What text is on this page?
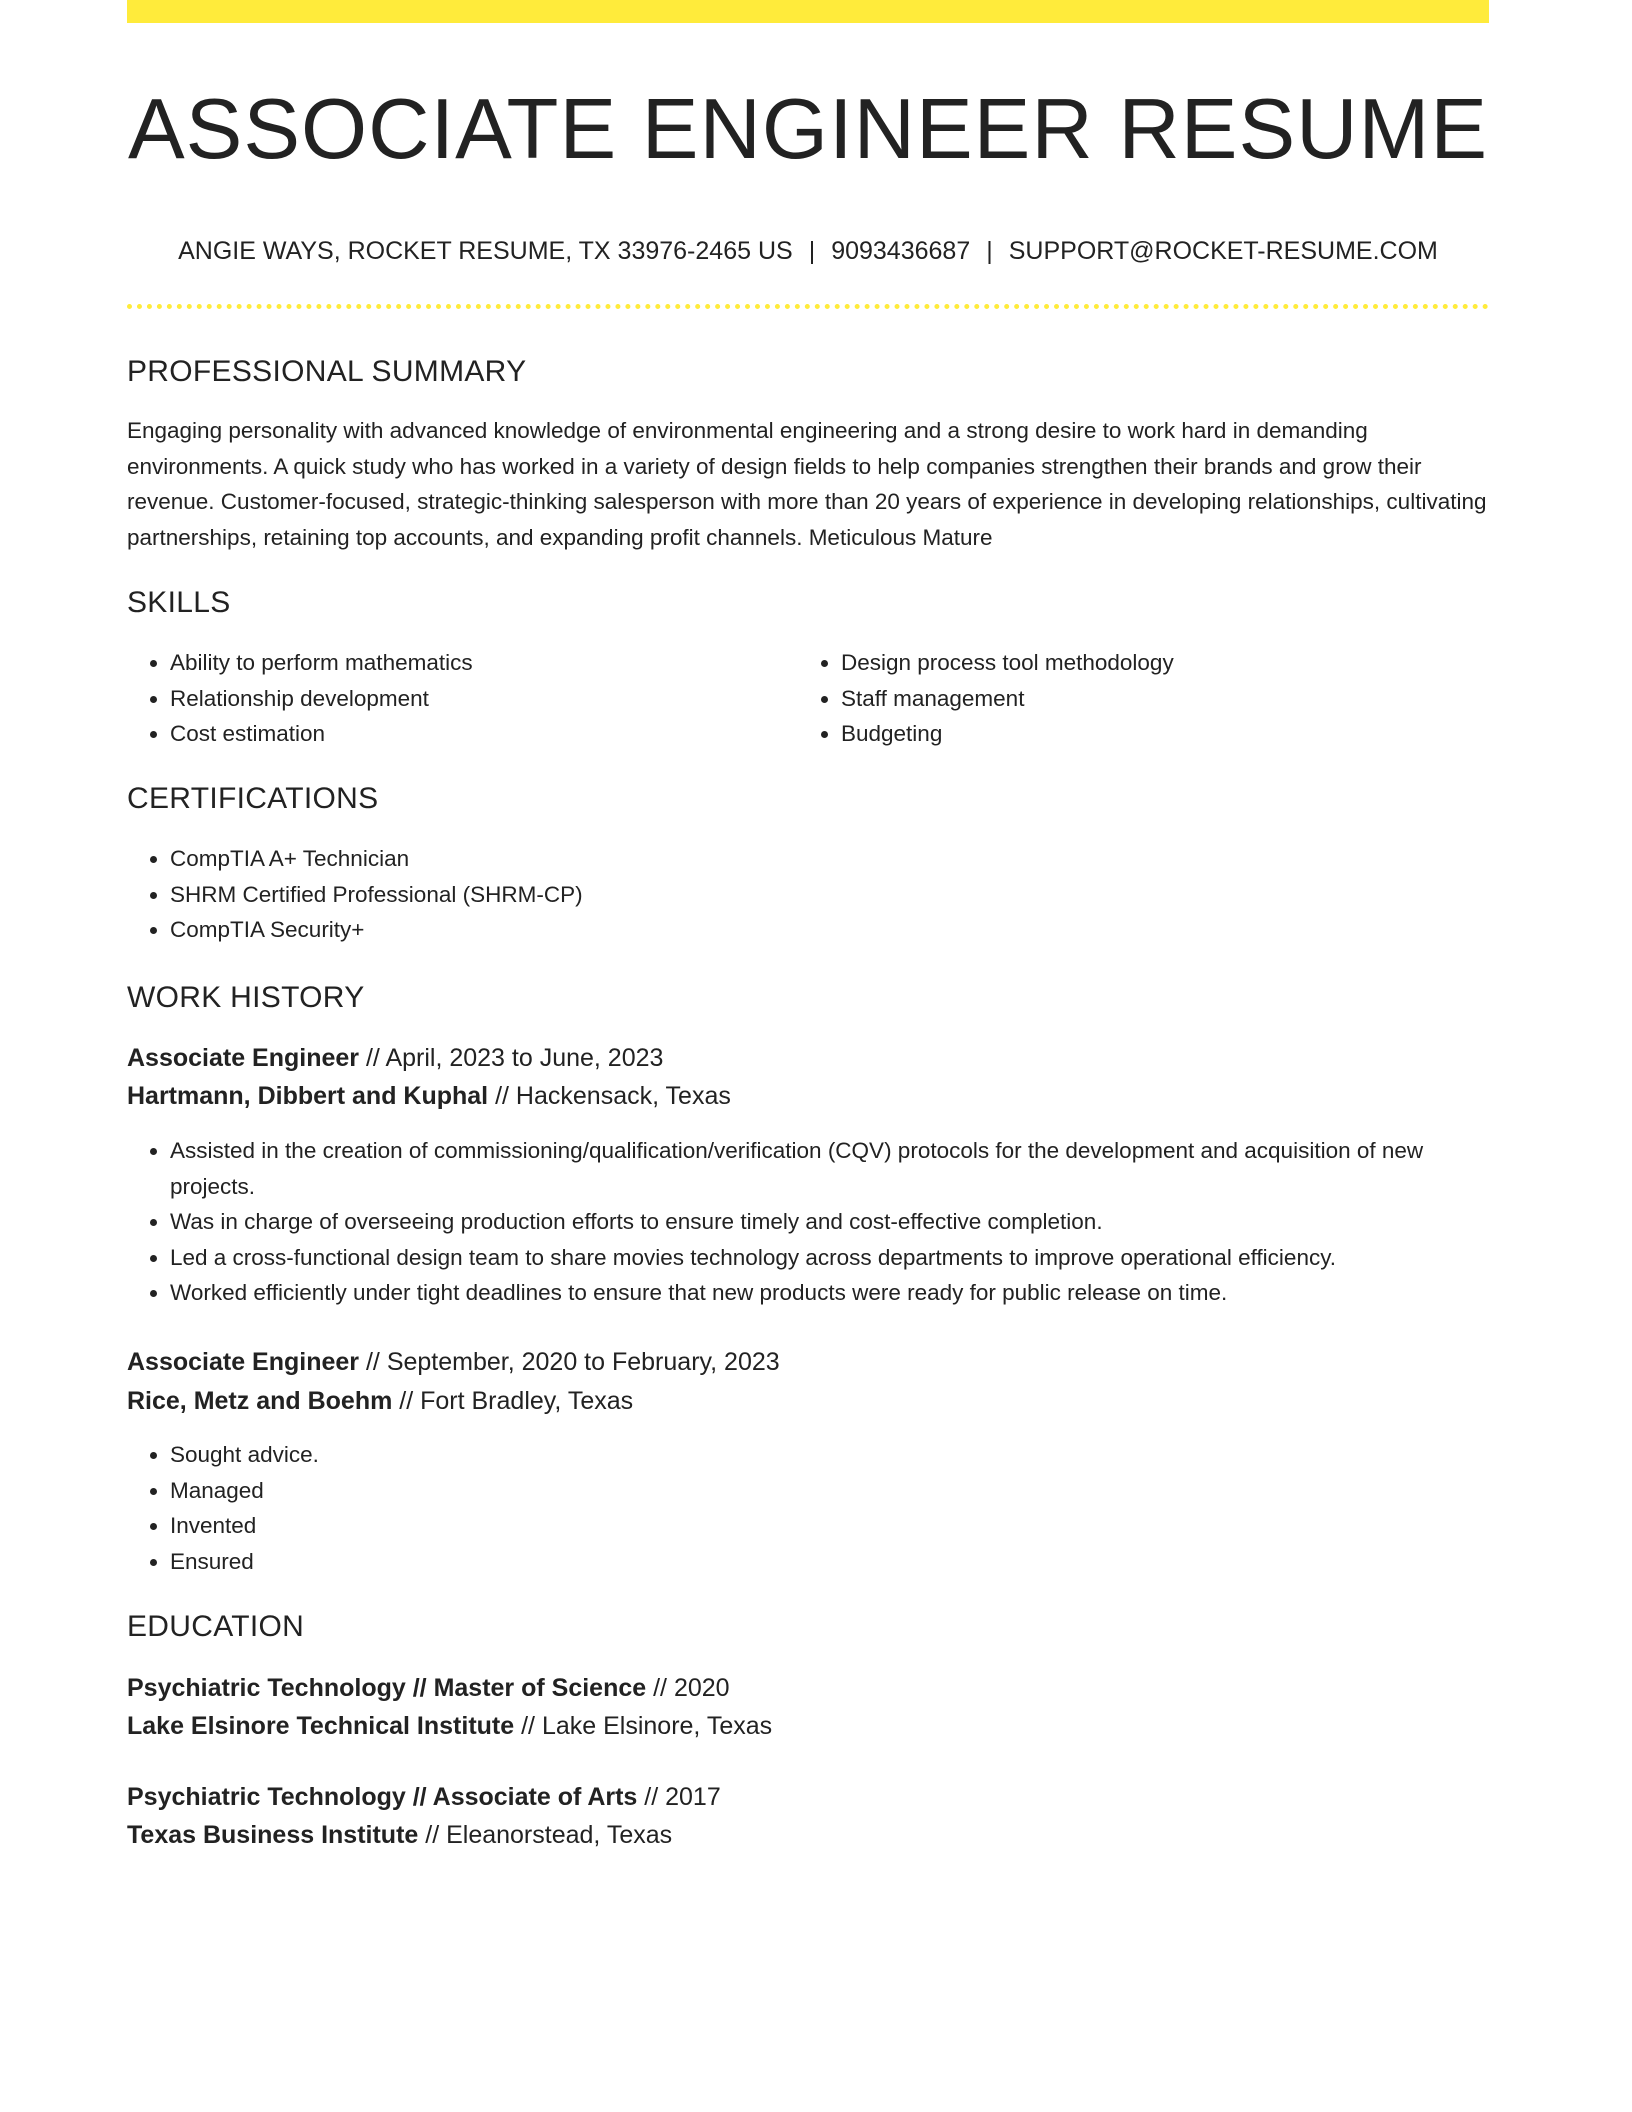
ASSOCIATE ENGINEER RESUME
ANGIE WAYS, ROCKET RESUME, TX 33976-2465 US | 9093436687 | SUPPORT@ROCKET-RESUME.COM
PROFESSIONAL SUMMARY

Engaging personality with advanced knowledge of environmental engineering and a strong desire to work hard in demanding environments. A quick study who has worked in a variety of design fields to help companies strengthen their brands and grow their revenue. Customer-focused, strategic-thinking salesperson with more than 20 years of experience in developing relationships, cultivating partnerships, retaining top accounts, and expanding profit channels. Meticulous Mature

SKILLS
• Ability to perform mathematics
• Relationship development
• Cost estimation
• Design process tool methodology
• Staff management
• Budgeting
CERTIFICATIONS
• CompTIA A+ Technician
• SHRM Certified Professional (SHRM-CP)
• CompTIA Security+
WORK HISTORY
Associate Engineer // April, 2023 to June, 2023
Hartmann, Dibbert and Kuphal // Hackensack, Texas
• Assisted in the creation of commissioning/qualification/verification (CQV) protocols for the development and acquisition of new projects.
• Was in charge of overseeing production efforts to ensure timely and cost-effective completion.
• Led a cross-functional design team to share movies technology across departments to improve operational efficiency.
• Worked efficiently under tight deadlines to ensure that new products were ready for public release on time.
Associate Engineer // September, 2020 to February, 2023
Rice, Metz and Boehm // Fort Bradley, Texas
• Sought advice.
• Managed
• Invented
• Ensured
EDUCATION
Psychiatric Technology // Master of Science // 2020
Lake Elsinore Technical Institute // Lake Elsinore, Texas
Psychiatric Technology // Associate of Arts // 2017
Texas Business Institute // Eleanorstead, Texas
